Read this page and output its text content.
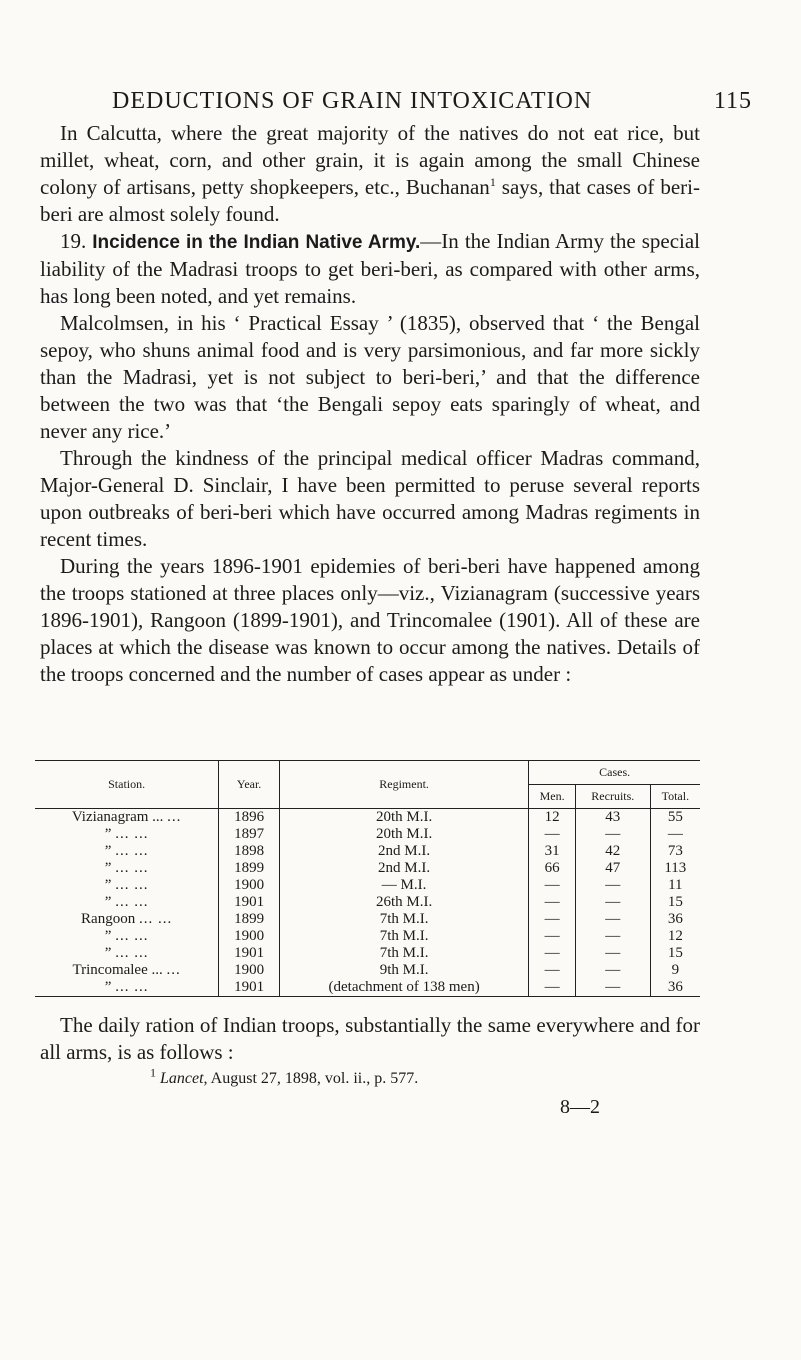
DEDUCTIONS OF GRAIN INTOXICATION	115

In Calcutta, where the great majority of the natives do not eat rice, but millet, wheat, corn, and other grain, it is again among the small Chinese colony of artisans, petty shopkeepers, etc., Buchanan$^1$ says, that cases of beri-beri are almost solely found.

19. Incidence in the Indian Native Army.—In the Indian Army the special liability of the Madrasi troops to get beri-beri, as compared with other arms, has long been noted, and yet remains.

Malcolmsen, in his ‘ Practical Essay ’ (1835), observed that ‘ the Bengal sepoy, who shuns animal food and is very parsimonious, and far more sickly than the Madrasi, yet is not subject to beri-beri,’ and that the difference between the two was that ‘the Bengali sepoy eats sparingly of wheat, and never any rice.’

Through the kindness of the principal medical officer Madras command, Major-General D. Sinclair, I have been permitted to peruse several reports upon outbreaks of beri-beri which have occurred among Madras regiments in recent times.

During the years 1896-1901 epidemies of beri-beri have happened among the troops stationed at three places only—viz., Vizianagram (successive years 1896-1901), Rangoon (1899-1901), and Trincomalee (1901). All of these are places at which the disease was known to occur among the natives. Details of the troops concerned and the number of cases appear as under :

Station.	Year.	Regiment.	Cases.		
			Men.	Recruits.	Total.
Vizianagram ... ...	1896	20th M.I.	12	43	55
” ... ...	1897	20th M.I.	—	—	—
” ... ...	1898	2nd M.I.	31	42	73
” ... ...	1899	2nd M.I.	66	47	113
” ... ...	1900	— M.I.	—	—	11
” ... ...	1901	26th M.I.	—	—	15
Rangoon ... ...	1899	7th M.I.	—	—	36
” ... ...	1900	7th M.I.	—	—	12
” ... ...	1901	7th M.I.	—	—	15
Trincomalee ... ...	1900	9th M.I.	—	—	9
” ... ...	1901	(detachment of 138 men)	—	—	36

The daily ration of Indian troops, substantially the same everywhere and for all arms, is as follows :

$^1$ Lancet, August 27, 1898, vol. ii., p. 577.
8—2
